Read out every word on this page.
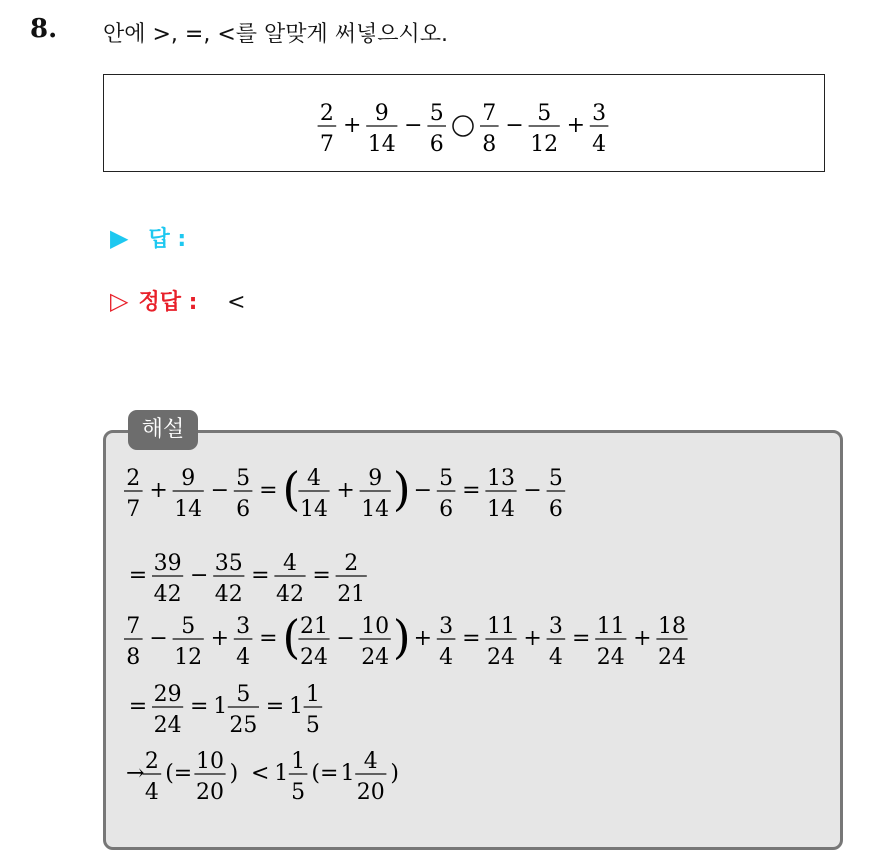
8. 안에 >, =, <를 알맞게 써넣으시오.
2
7
+ 9
14
− 5
6
7
8
− 5
12
+ 3
4
▶ 답 :
▷ 정답 : <
2
7
+ 9
14
− 5
6
= ( 4
14
+ 9
14 ) − 5
6
= 13
14
− 5
6
= 39
42
− 35
42
= 4
42
= 2
21
7
8
− 5
12
+ 3
4
= ( 21
24
− 10
24 ) + 3
4
= 11
24
+ 3
4
= 11
24
+ 18
24
= 29
24
= 1 5
25
= 1 1
5
→ 2
4
(= 10
20
) < 1 1
5
(= 1 4
20
)
해설
